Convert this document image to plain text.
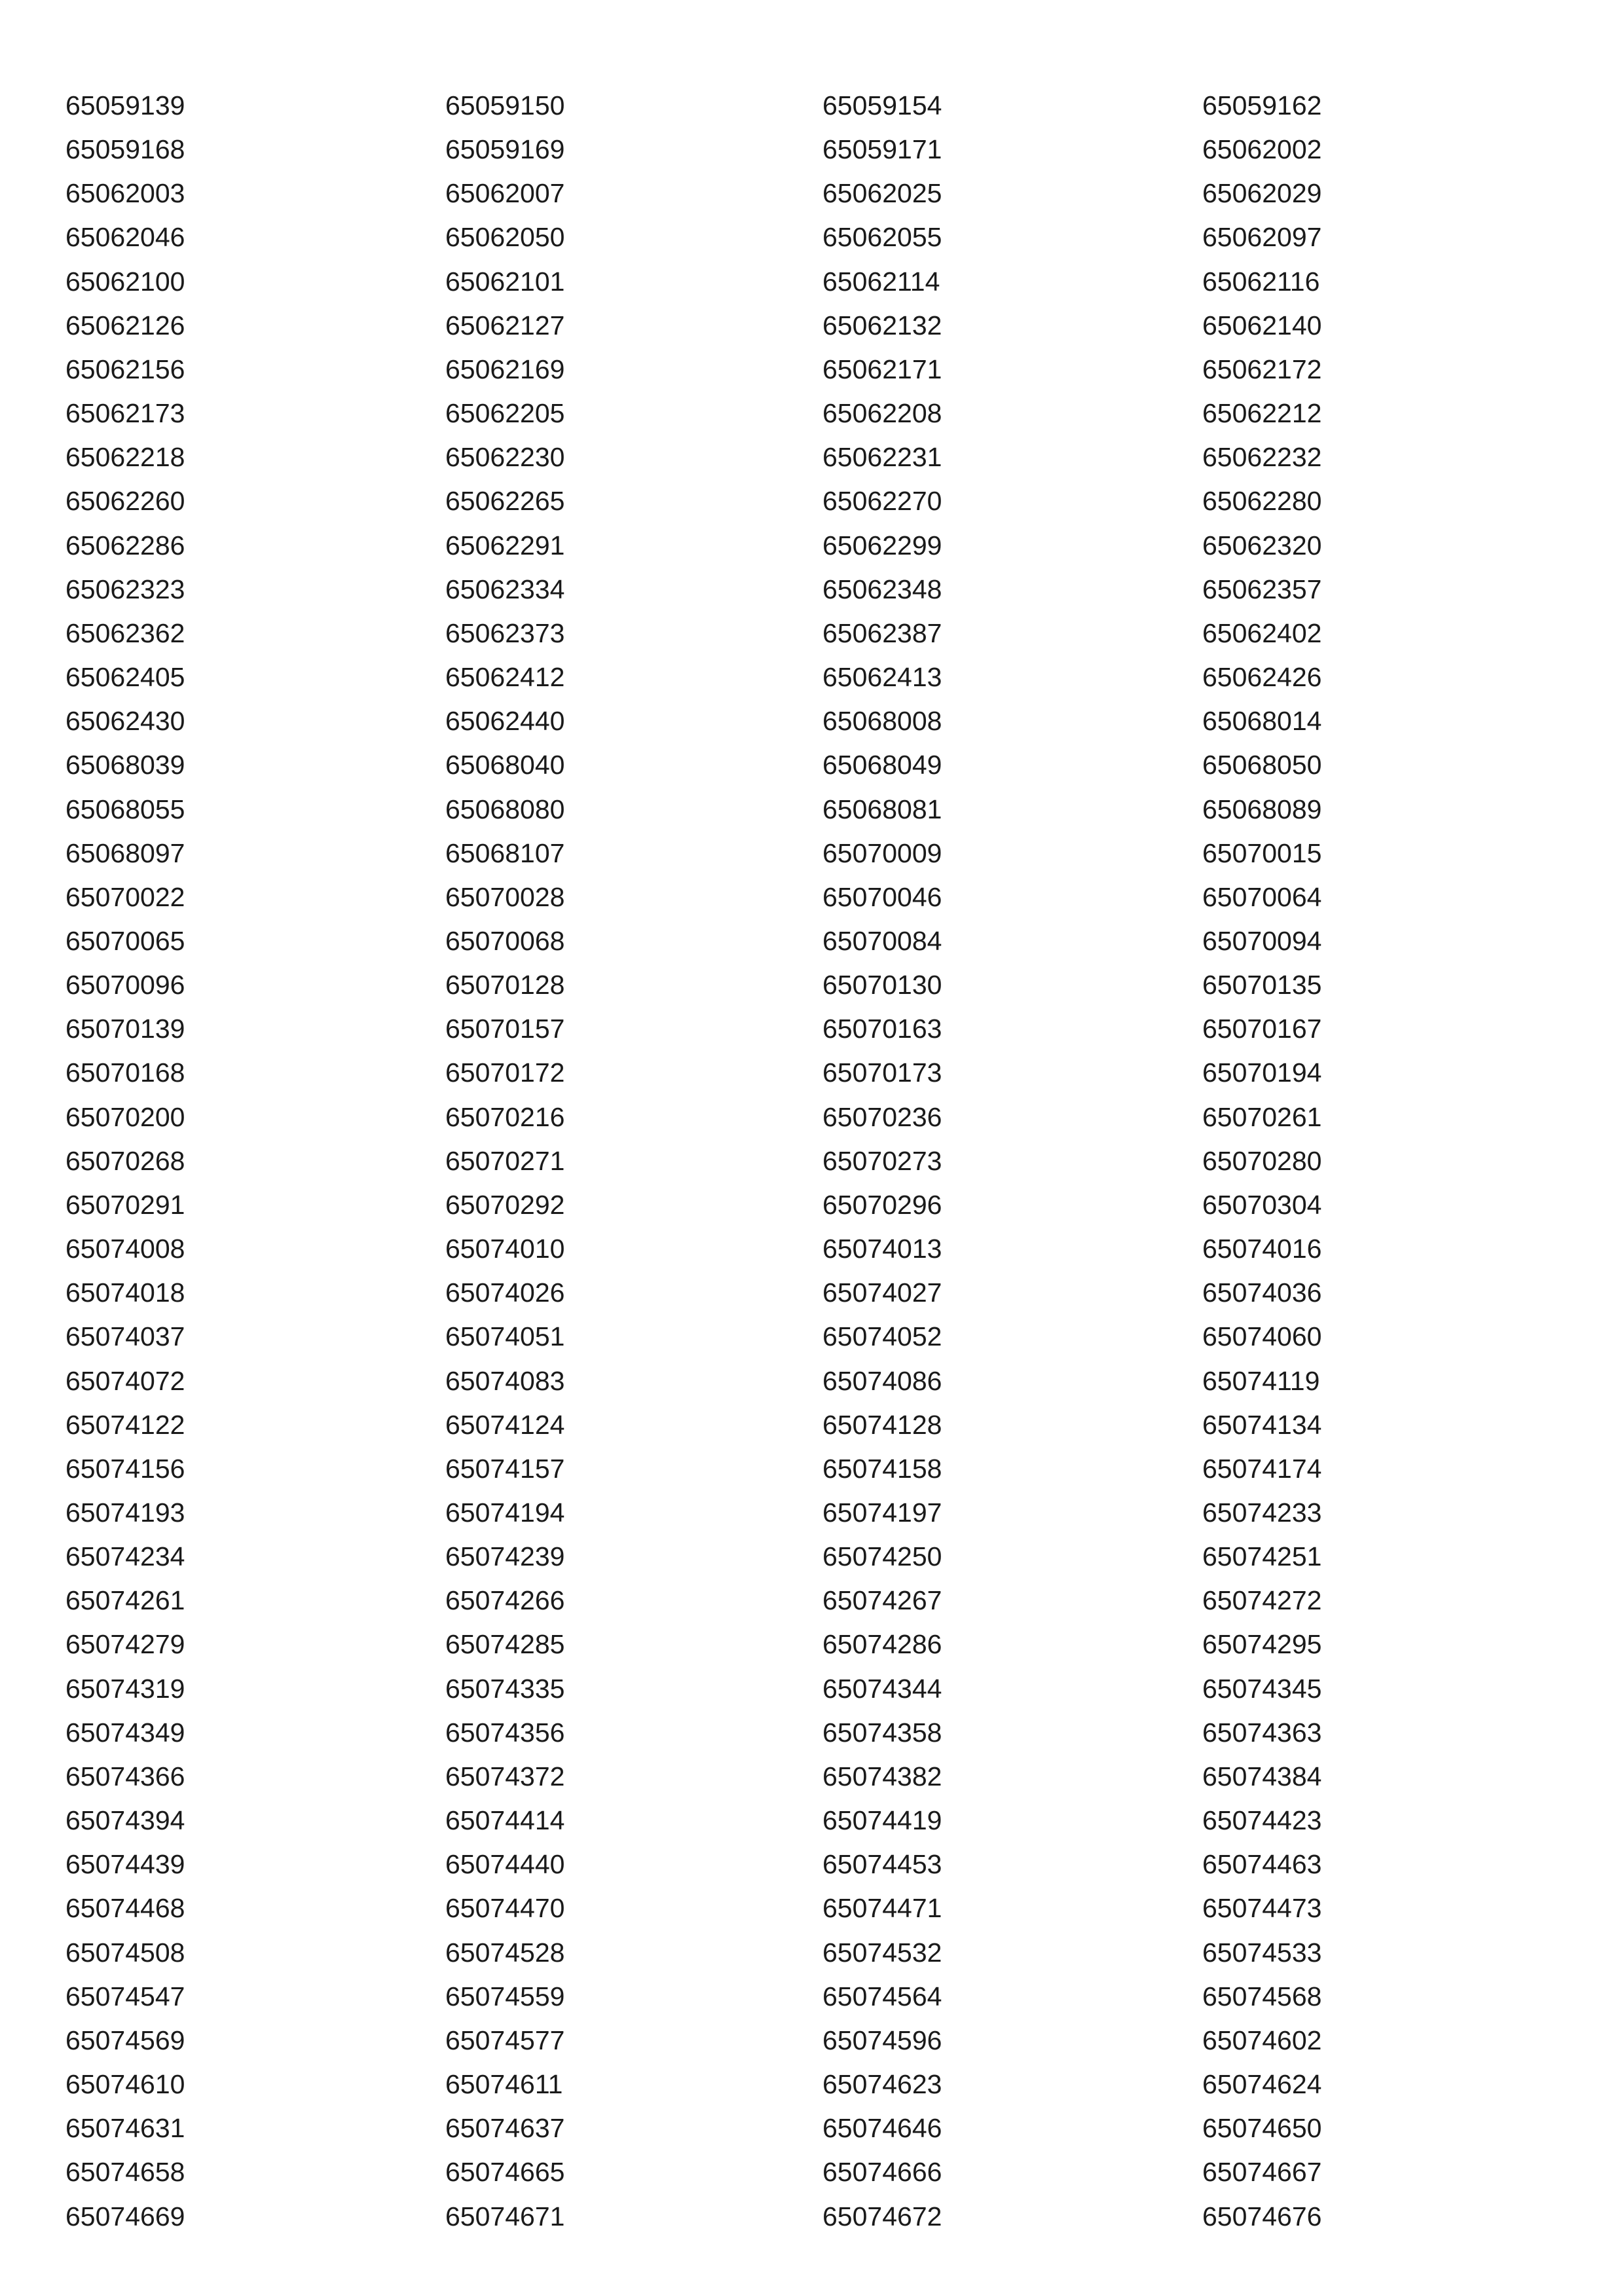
65059139	65059150	65059154	65059162
65059168	65059169	65059171	65062002
65062003	65062007	65062025	65062029
65062046	65062050	65062055	65062097
65062100	65062101	65062114	65062116
65062126	65062127	65062132	65062140
65062156	65062169	65062171	65062172
65062173	65062205	65062208	65062212
65062218	65062230	65062231	65062232
65062260	65062265	65062270	65062280
65062286	65062291	65062299	65062320
65062323	65062334	65062348	65062357
65062362	65062373	65062387	65062402
65062405	65062412	65062413	65062426
65062430	65062440	65068008	65068014
65068039	65068040	65068049	65068050
65068055	65068080	65068081	65068089
65068097	65068107	65070009	65070015
65070022	65070028	65070046	65070064
65070065	65070068	65070084	65070094
65070096	65070128	65070130	65070135
65070139	65070157	65070163	65070167
65070168	65070172	65070173	65070194
65070200	65070216	65070236	65070261
65070268	65070271	65070273	65070280
65070291	65070292	65070296	65070304
65074008	65074010	65074013	65074016
65074018	65074026	65074027	65074036
65074037	65074051	65074052	65074060
65074072	65074083	65074086	65074119
65074122	65074124	65074128	65074134
65074156	65074157	65074158	65074174
65074193	65074194	65074197	65074233
65074234	65074239	65074250	65074251
65074261	65074266	65074267	65074272
65074279	65074285	65074286	65074295
65074319	65074335	65074344	65074345
65074349	65074356	65074358	65074363
65074366	65074372	65074382	65074384
65074394	65074414	65074419	65074423
65074439	65074440	65074453	65074463
65074468	65074470	65074471	65074473
65074508	65074528	65074532	65074533
65074547	65074559	65074564	65074568
65074569	65074577	65074596	65074602
65074610	65074611	65074623	65074624
65074631	65074637	65074646	65074650
65074658	65074665	65074666	65074667
65074669	65074671	65074672	65074676
